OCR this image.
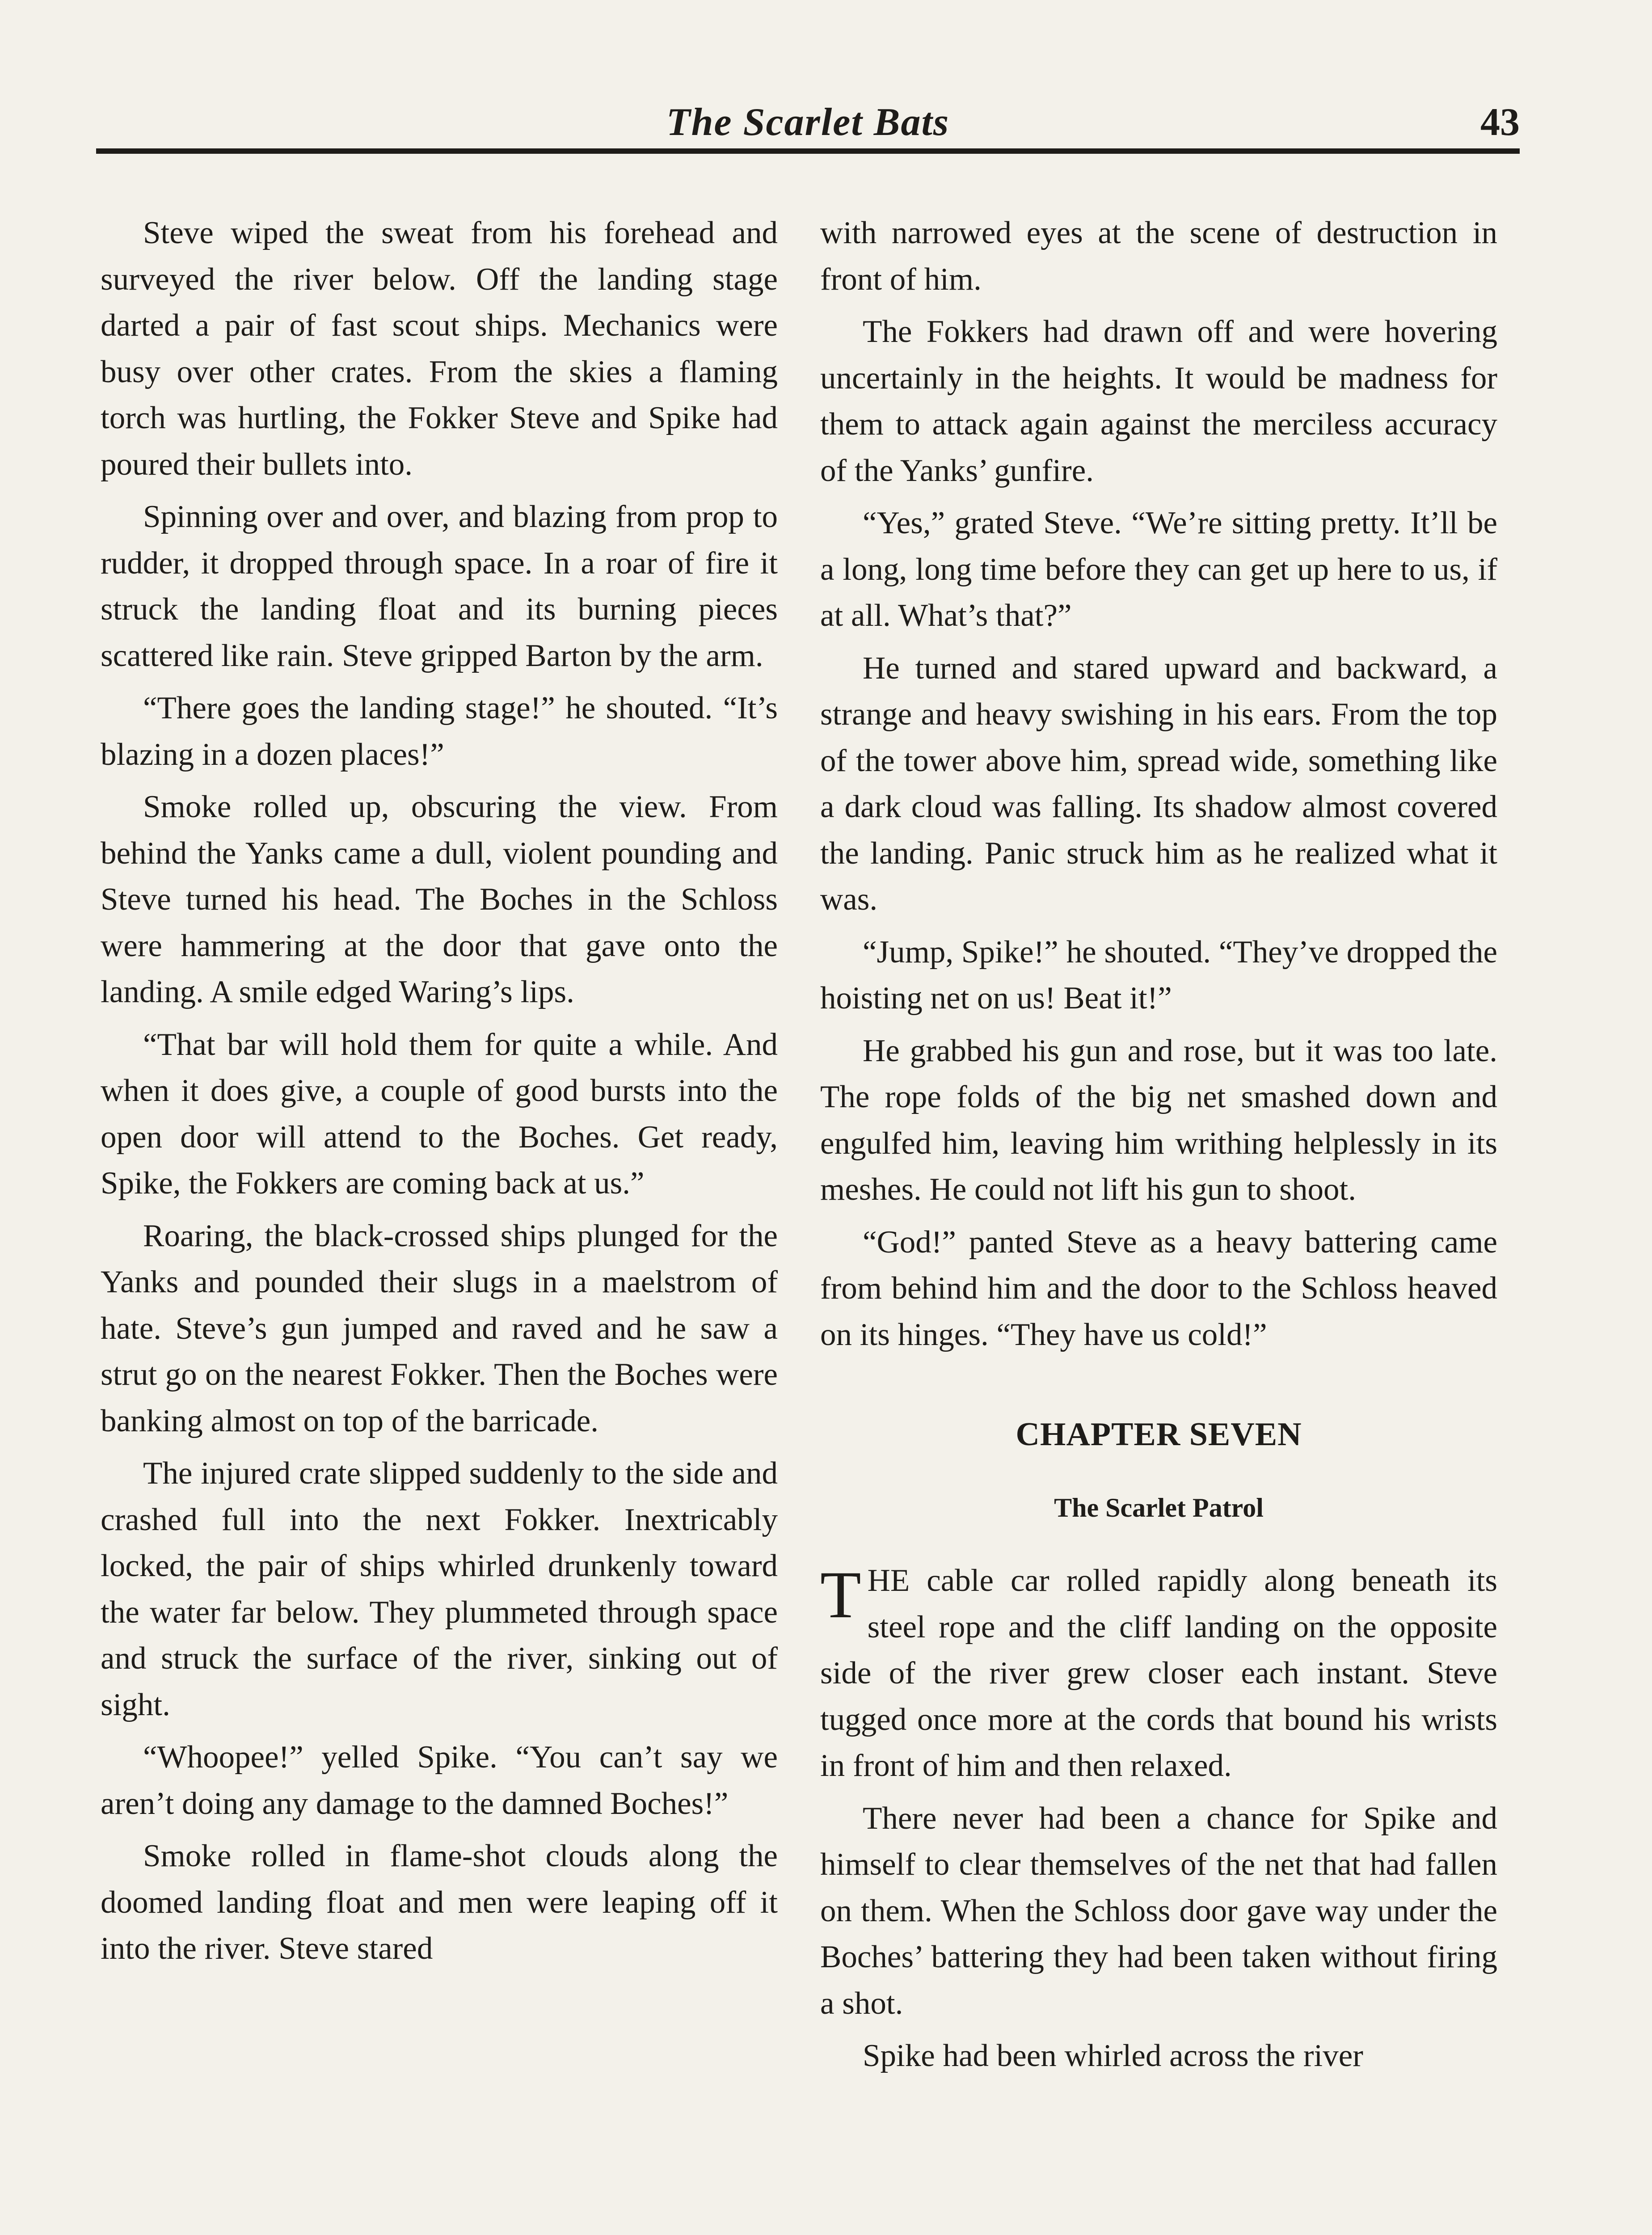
The Scarlet Bats	43

Steve wiped the sweat from his forehead and surveyed the river below. Off the landing stage darted a pair of fast scout ships. Mechanics were busy over other crates. From the skies a flaming torch was hurtling, the Fokker Steve and Spike had poured their bullets into.

Spinning over and over, and blazing from prop to rudder, it dropped through space. In a roar of fire it struck the landing float and its burning pieces scattered like rain. Steve gripped Barton by the arm.

“There goes the landing stage!” he shouted. “It’s blazing in a dozen places!”

Smoke rolled up, obscuring the view. From behind the Yanks came a dull, violent pounding and Steve turned his head. The Boches in the Schloss were hammering at the door that gave onto the landing. A smile edged Waring’s lips.

“That bar will hold them for quite a while. And when it does give, a couple of good bursts into the open door will attend to the Boches. Get ready, Spike, the Fokkers are coming back at us.”

Roaring, the black-crossed ships plunged for the Yanks and pounded their slugs in a maelstrom of hate. Steve’s gun jumped and raved and he saw a strut go on the nearest Fokker. Then the Boches were banking almost on top of the barricade.

The injured crate slipped suddenly to the side and crashed full into the next Fokker. Inextricably locked, the pair of ships whirled drunkenly toward the water far below. They plummeted through space and struck the surface of the river, sinking out of sight.

“Whoopee!” yelled Spike. “You can’t say we aren’t doing any damage to the damned Boches!”

Smoke rolled in flame-shot clouds along the doomed landing float and men were leaping off it into the river. Steve stared

with narrowed eyes at the scene of destruction in front of him.

The Fokkers had drawn off and were hovering uncertainly in the heights. It would be madness for them to attack again against the merciless accuracy of the Yanks’ gunfire.

“Yes,” grated Steve. “We’re sitting pretty. It’ll be a long, long time before they can get up here to us, if at all. What’s that?”

He turned and stared upward and backward, a strange and heavy swishing in his ears. From the top of the tower above him, spread wide, something like a dark cloud was falling. Its shadow almost covered the landing. Panic struck him as he realized what it was.

“Jump, Spike!” he shouted. “They’ve dropped the hoisting net on us! Beat it!”

He grabbed his gun and rose, but it was too late. The rope folds of the big net smashed down and engulfed him, leaving him writhing helplessly in its meshes. He could not lift his gun to shoot.

“God!” panted Steve as a heavy battering came from behind him and the door to the Schloss heaved on its hinges. “They have us cold!”

CHAPTER SEVEN
The Scarlet Patrol

THE cable car rolled rapidly along beneath its steel rope and the cliff landing on the opposite side of the river grew closer each instant. Steve tugged once more at the cords that bound his wrists in front of him and then relaxed.

There never had been a chance for Spike and himself to clear themselves of the net that had fallen on them. When the Schloss door gave way under the Boches’ battering they had been taken without firing a shot.

Spike had been whirled across the river
